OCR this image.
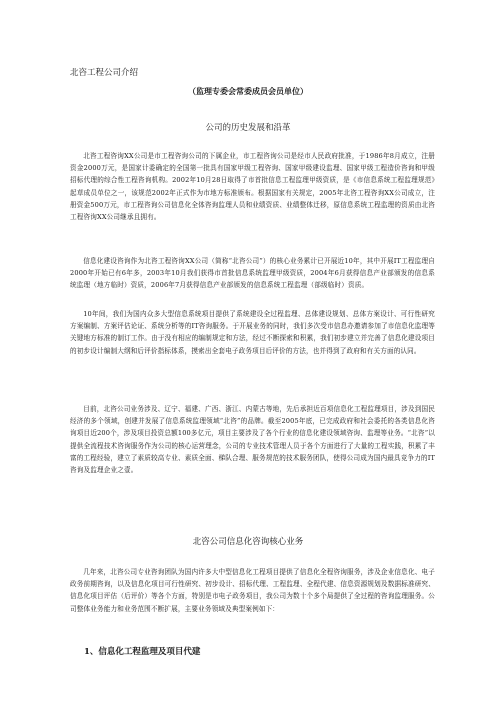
北咨工程公司介绍
（监理专委会常委成员会员单位）
公司的历史发展和沿革

北咨工程咨询XX公司是市工程咨询公司的下属企业，市工程咨询公司是经市人民政府批准，于1986年8月成立，注册资金2000万元，是国家计委确定的全国第一批具有国家甲级工程咨询、国家甲级建设监理、国家甲级工程造价咨询和甲级招标代理的综合性工程咨询机构。2002年10月28日取得了市首批信息工程监理甲级资质，是《市信息系统工程监理规范》起草成员单位之一，该规范2002年正式作为市地方标准颁布。根据国家有关规定，2005年北咨工程咨询XX公司成立，注册资金500万元，市工程咨询公司信息化全体咨询监理人员和业绩资质、业绩整体迁移，原信息系统工程监理的资质由北咨工程咨询XX公司继承且拥有。

信息化建设咨询作为北咨工程咨询XX公司（简称“北咨公司”）的核心业务累计已开展近10年，其中开展IT工程监理自2000年开始已有6年多，2003年10月我们获得市首批信息系统监理甲级资质，2004年6月获得信息产业部颁发的信息系统监理（地方临时）资质，2006年7月获得信息产业部颁发的信息系统工程监理（部级临时）资质。

10年间，我们为国内众多大型信息系统项目提供了系统建设全过程监理、总体建设规划、总体方案设计、可行性研究方案编制、方案评估论证、系统分析等的IT咨询服务。于开展业务的同时，我们多次受市信息办邀请参加了市信息化监理等关键地方标准的制订工作。由于没有相应的编制规定和方法，经过不断探索和积累，我们初步建立并完善了信息化建设项目的初步设计编制大纲和后评价指标体系，摸索出全套电子政务项目后评价的方法，也并得到了政府和有关方面的认同。

目前，北咨公司业务涉及、辽宁、福建、广西、浙江、内蒙古等地，先后承担近百项信息化工程监理项目，涉及到国民经济的多个领域，创建并发展了信息系统监理领域“北咨”的品牌。截至2005年底，已完成政府和社会委托的各类信息化咨询项目近200个，涉及项目投资总额100多亿元，项目主要涉及了各个行业的信息化建设领域咨询、监理等业务。“北咨”以提供全流程技术咨询服务作为公司的核心运营理念，公司的专业技术管理人员于各个方面进行了大量的工程实践，积累了丰富的工程经验，建立了素质较高专业、素质全面、梯队合理、服务规范的技术服务团队，使得公司成为国内最具竞争力的IT咨询及监理企业之壹。

北咨公司信息化咨询核心业务

几年来，北咨公司专业咨询团队为国内许多大中型信息化工程项目提供了信息化全程咨询服务，涉及企业信息化、电子政务前期咨询，以及信息化项目可行性研究、初步设计、招标代理、工程监理、全程代建、信息资源规划及数据标准研究、信息化项目评估（后评价）等各个方面，特别是市电子政务项目，我公司为数十个多个局提供了全过程的咨询监理服务。公司整体业务能力和业务范围不断扩展，主要业务领域及典型案例如下：

1、信息化工程监理及项目代建
